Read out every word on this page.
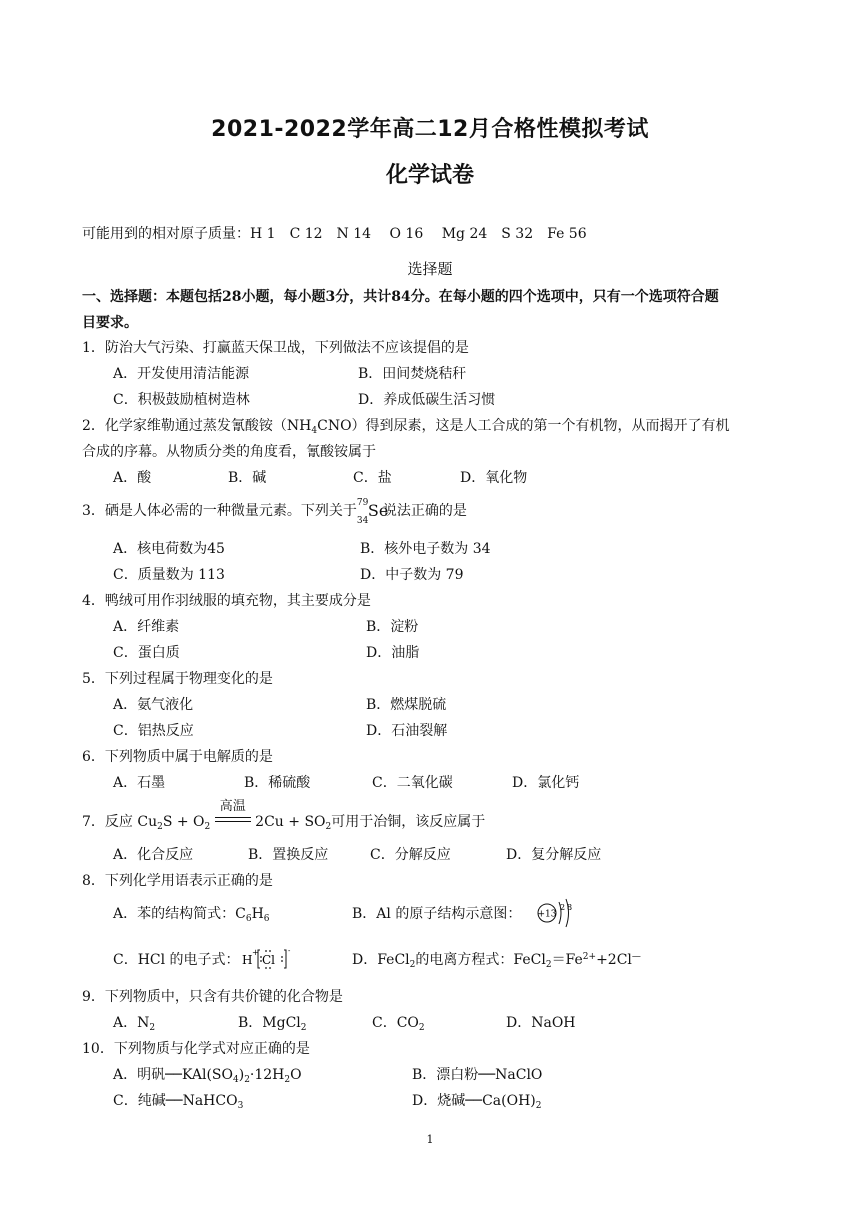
2021-2022学年高二12月合格性模拟考试
化学试卷
可能用到的相对原子质量：H 1　C 12　N 14　 O 16　 Mg 24　S 32　Fe 56
选择题
一、选择题：本题包括28小题，每小题3分，共计84分。在每小题的四个选项中，只有一个选项符合题
目要求。
1．防治大气污染、打赢蓝天保卫战，下列做法不应该提倡的是
A．开发使用清洁能源	B．田间焚烧秸秆
C．积极鼓励植树造林	D．养成低碳生活习惯
2．化学家维勒通过蒸发氰酸铵$(NH_4CNO)$得到尿素，这是人工合成的第一个有机物，从而揭开了有机
合成的序幕。从物质分类的角度看，氰酸铵属于
A．酸	B．碱	C．盐	D．氧化物
3．硒是人体必需的一种微量元素。下列关于 79
34
Se
说法正确的是
A．核电荷数为45	B．核外电子数为 34
C．质量数为 113	D．中子数为 79
4．鸭绒可用作羽绒服的填充物，其主要成分是
A．纤维素	B．淀粉
C．蛋白质	D．油脂
5．下列过程属于物理变化的是
A．氨气液化	B．燃煤脱硫
C．铝热反应	D．石油裂解
6．下列物质中属于电解质的是
A．石墨	B．稀硫酸	C．二氧化碳	D．氯化钙
7．反应 $Cu_2S + O_2$
高温
$2Cu + SO_2$可用于冶铜，该反应属于
A．化合反应	B．置换反应	C．分解反应	D．复分解反应
8．下列化学用语表示正确的是
A．苯的结构简式：$C_6H_6$	B．Al 的原子结构示意图： +13
2 8
C．HCl 的电子式： H
+
Cl
-
D．FeCl$_2$的电离方程式：$FeCl_2=Fe^{2+}+2Cl^—$
9．下列物质中，只含有共价键的化合物是
A．$N_2$	B．MgCl$_2$	C．$CO_2$	D．NaOH
10．下列物质与化学式对应正确的是
A．明矾$──KAl(SO_4)_2\cdot 12H_2O$	B．漂白粉──NaClO
C．纯碱──NaHCO$_3$	D．烧碱$──Ca(OH)_2$
1
